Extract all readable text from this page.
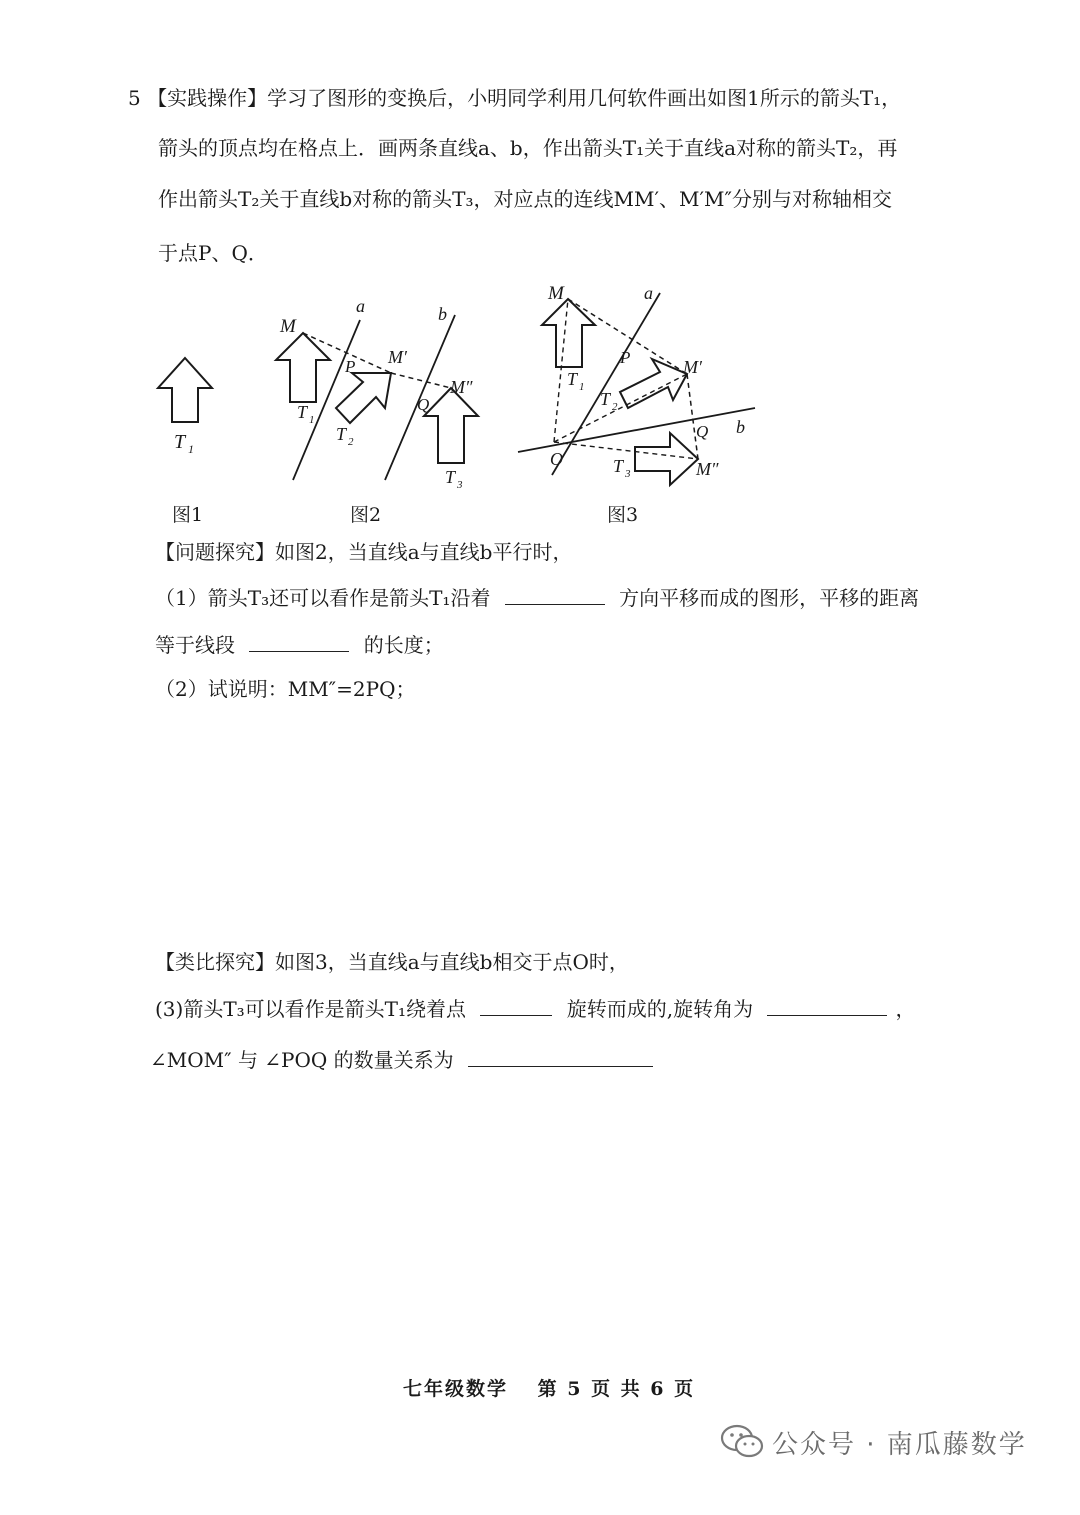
5 【实践操作】学习了图形的变换后，小明同学利用几何软件画出如图1所示的箭头T₁，
箭头的顶点均在格点上．画两条直线a、b，作出箭头T₁关于直线a对称的箭头T₂，再
作出箭头T₂关于直线b对称的箭头T₃，对应点的连线MM′、M′M″分别与对称轴相交
于点P、Q．
T 1
图1
a	b
M
P M′
Q
M″
T 1
T 2
T 3
图2
a
b
M
P	M′
Q
O	M″
T 1
T 2
T 3
图3
【问题探究】如图2，当直线a与直线b平行时，
（1）箭头T₃还可以看作是箭头T₁沿着	方向平移而成的图形，平移的距离
等于线段	的长度；
（2）试说明：MM″=2PQ；
【类比探究】如图3，当直线a与直线b相交于点O时，
(3)箭头T₃可以看作是箭头T₁绕着点	旋转而成的,旋转角为	，
∠MOM″ 与 ∠POQ 的数量关系为
七年级数学　 第 5 页 共 6 页
公众号 · 南瓜藤数学
